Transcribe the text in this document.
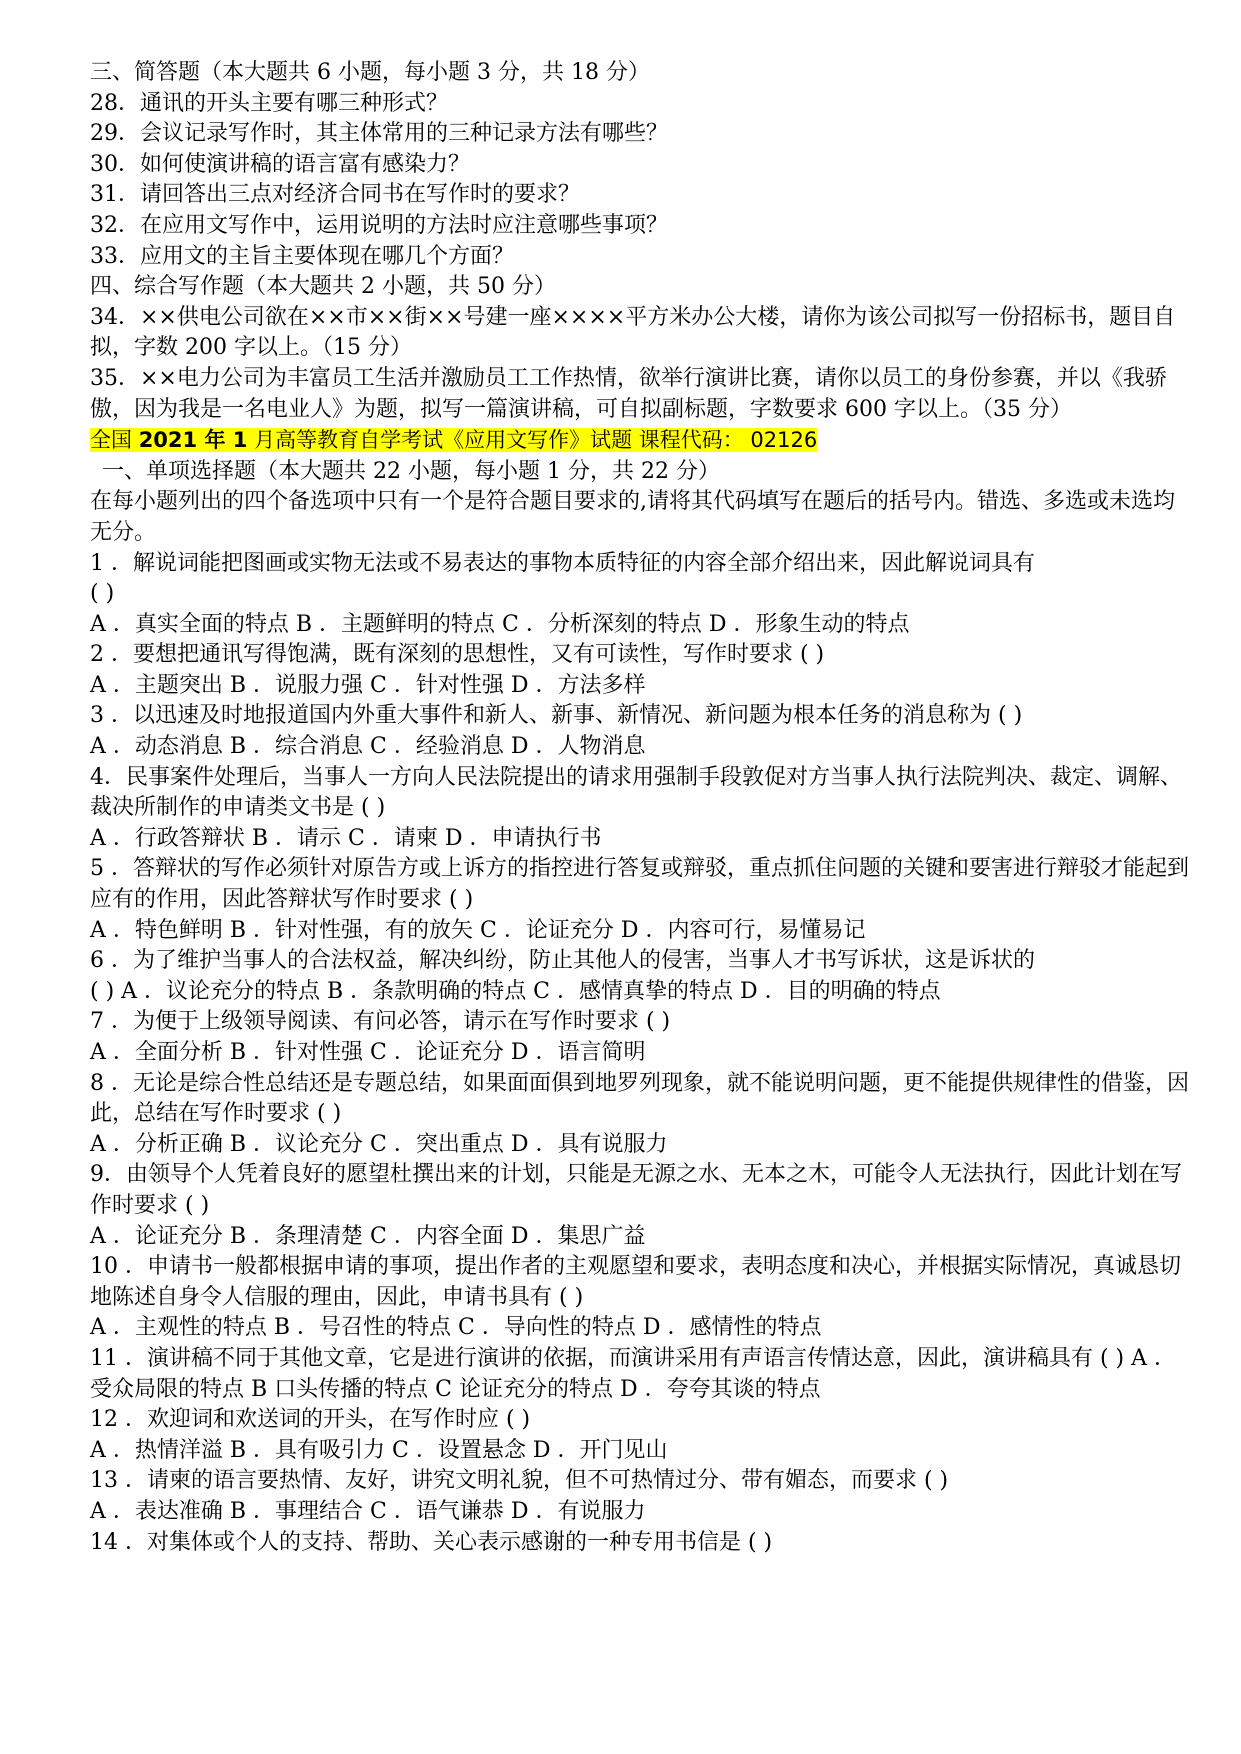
三、简答题（本大题共 6 小题，每小题 3 分，共 18 分）
28．通讯的开头主要有哪三种形式？
29．会议记录写作时，其主体常用的三种记录方法有哪些？
30．如何使演讲稿的语言富有感染力？
31．请回答出三点对经济合同书在写作时的要求？
32．在应用文写作中，运用说明的方法时应注意哪些事项？
33．应用文的主旨主要体现在哪几个方面？
四、综合写作题（本大题共 2 小题，共 50 分）
34．××供电公司欲在××市××街××号建一座××××平方米办公大楼，请你为该公司拟写一份招标书，题目自拟，字数 200 字以上。（15 分）
35．××电力公司为丰富员工生活并激励员工工作热情，欲举行演讲比赛，请你以员工的身份参赛，并以《我骄傲，因为我是一名电业人》为题，拟写一篇演讲稿，可自拟副标题，字数要求 600 字以上。（35 分）
全国 2021 年 1 月高等教育自学考试《应用文写作》试题 课程代码： 02126
一、单项选择题（本大题共 22 小题，每小题 1 分，共 22 分）
在每小题列出的四个备选项中只有一个是符合题目要求的,请将其代码填写在题后的括号内。错选、多选或未选均无分。
1 ．解说词能把图画或实物无法或不易表达的事物本质特征的内容全部介绍出来，因此解说词具有
( )
A ．真实全面的特点 B ．主题鲜明的特点 C ．分析深刻的特点 D ．形象生动的特点
2 ．要想把通讯写得饱满，既有深刻的思想性，又有可读性，写作时要求 ( )
A ．主题突出 B ．说服力强 C ．针对性强 D ．方法多样
3 ．以迅速及时地报道国内外重大事件和新人、新事、新情况、新问题为根本任务的消息称为 ( )
A ．动态消息 B ．综合消息 C ．经验消息 D ．人物消息
4．民事案件处理后，当事人一方向人民法院提出的请求用强制手段敦促对方当事人执行法院判决、裁定、调解、裁决所制作的申请类文书是 ( )
A ．行政答辩状 B ．请示 C ．请柬 D ．申请执行书
5 ．答辩状的写作必须针对原告方或上诉方的指控进行答复或辩驳，重点抓住问题的关键和要害进行辩驳才能起到应有的作用，因此答辩状写作时要求 ( )
A ．特色鲜明 B ．针对性强，有的放矢 C ．论证充分 D ．内容可行，易懂易记
6 ．为了维护当事人的合法权益，解决纠纷，防止其他人的侵害，当事人才书写诉状，这是诉状的
( ) A ．议论充分的特点 B ．条款明确的特点 C ．感情真挚的特点 D ．目的明确的特点
7 ．为便于上级领导阅读、有问必答，请示在写作时要求 ( )
A ．全面分析 B ．针对性强 C ．论证充分 D ．语言简明
8 ．无论是综合性总结还是专题总结，如果面面俱到地罗列现象，就不能说明问题，更不能提供规律性的借鉴，因此，总结在写作时要求 ( )
A ．分析正确 B ．议论充分 C ．突出重点 D ．具有说服力
9．由领导个人凭着良好的愿望杜撰出来的计划，只能是无源之水、无本之木，可能令人无法执行，因此计划在写作时要求 ( )
A ．论证充分 B ．条理清楚 C ．内容全面 D ．集思广益
10 ．申请书一般都根据申请的事项，提出作者的主观愿望和要求，表明态度和决心，并根据实际情况，真诚恳切地陈述自身令人信服的理由，因此，申请书具有 ( )
A ．主观性的特点 B ．号召性的特点 C ．导向性的特点 D ．感情性的特点
11 ．演讲稿不同于其他文章，它是进行演讲的依据，而演讲采用有声语言传情达意，因此，演讲稿具有 ( ) A ．受众局限的特点 B 口头传播的特点 C 论证充分的特点 D ．夸夸其谈的特点
12 ．欢迎词和欢送词的开头，在写作时应 ( )
A ．热情洋溢 B ．具有吸引力 C ．设置悬念 D ．开门见山
13 ．请柬的语言要热情、友好，讲究文明礼貌，但不可热情过分、带有媚态，而要求 ( )
A ．表达准确 B ．事理结合 C ．语气谦恭 D ．有说服力
14 ．对集体或个人的支持、帮助、关心表示感谢的一种专用书信是 ( )
